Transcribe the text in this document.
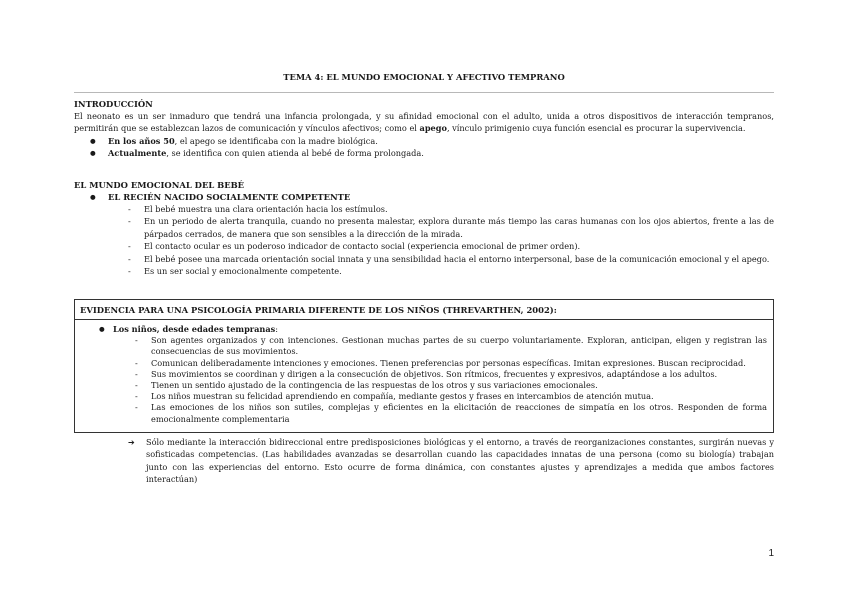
TEMA 4: EL MUNDO EMOCIONAL Y AFECTIVO TEMPRANO
INTRODUCCIÓN

El neonato es un ser inmaduro que tendrá una infancia prolongada, y su afinidad emocional con el adulto, unida a otros dispositivos de interacción tempranos, permitirán que se establezcan lazos de comunicación y vínculos afectivos; como el apego, vínculo primigenio cuya función esencial es procurar la supervivencia.

● En los años 50, el apego se identificaba con la madre biológica.
● Actualmente, se identifica con quien atienda al bebé de forma prolongada.
EL MUNDO EMOCIONAL DEL BEBÉ
● EL RECIÉN NACIDO SOCIALMENTE COMPETENTE
- El bebé muestra una clara orientación hacia los estímulos.
- En un periodo de alerta tranquila, cuando no presenta malestar, explora durante más tiempo las caras humanas con los ojos abiertos, frente a las de párpados cerrados, de manera que son sensibles a la dirección de la mirada.
- El contacto ocular es un poderoso indicador de contacto social (experiencia emocional de primer orden).
- El bebé posee una marcada orientación social innata y una sensibilidad hacia el entorno interpersonal, base de la comunicación emocional y el apego.
- Es un ser social y emocionalmente competente.
EVIDENCIA PARA UNA PSICOLOGÍA PRIMARIA DIFERENTE DE LOS NIÑOS (THREVARTHEN, 2002):
● Los niños, desde edades tempranas:
- Son agentes organizados y con intenciones. Gestionan muchas partes de su cuerpo voluntariamente. Exploran, anticipan, eligen y registran las consecuencias de sus movimientos.
- Comunican deliberadamente intenciones y emociones. Tienen preferencias por personas específicas. Imitan expresiones. Buscan reciprocidad.
- Sus movimientos se coordinan y dirigen a la consecución de objetivos. Son rítmicos, frecuentes y expresivos, adaptándose a los adultos.
- Tienen un sentido ajustado de la contingencia de las respuestas de los otros y sus variaciones emocionales.
- Los niños muestran su felicidad aprendiendo en compañía, mediante gestos y frases en intercambios de atención mutua.
- Las emociones de los niños son sutiles, complejas y eficientes en la elicitación de reacciones de simpatía en los otros. Responden de forma emocionalmente complementaria
➔ Sólo mediante la interacción bidireccional entre predisposiciones biológicas y el entorno, a través de reorganizaciones constantes, surgirán nuevas y sofisticadas competencias. (Las habilidades avanzadas se desarrollan cuando las capacidades innatas de una persona (como su biología) trabajan junto con las experiencias del entorno. Esto ocurre de forma dinámica, con constantes ajustes y aprendizajes a medida que ambos factores interactúan)

1
